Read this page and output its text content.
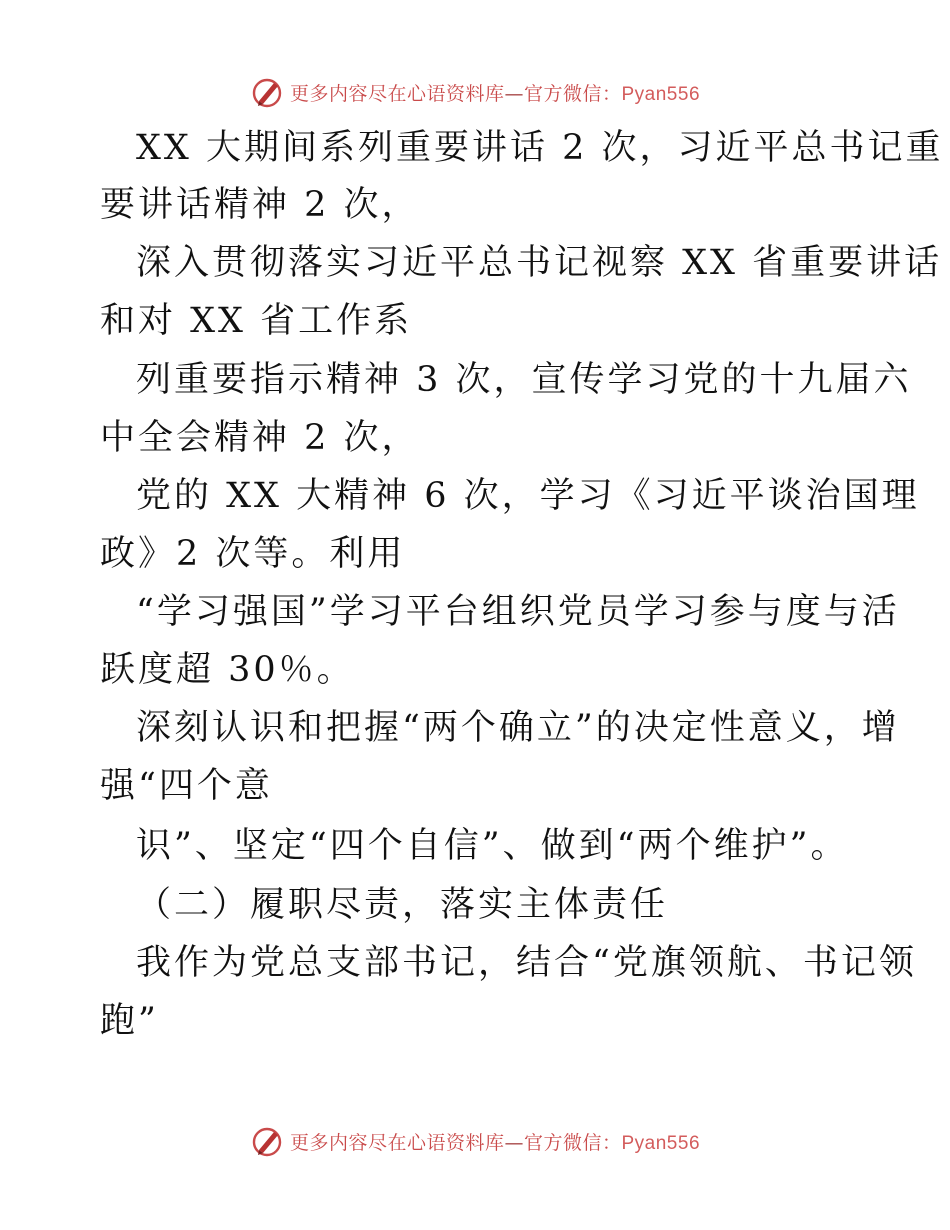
更多内容尽在心语资料库—官方微信：Pyan556
XX 大期间系列重要讲话 2 次，习近平总书记重
要讲话精神 2 次，
深入贯彻落实习近平总书记视察 XX 省重要讲话
和对 XX 省工作系
列重要指示精神 3 次，宣传学习党的十九届六
中全会精神 2 次，
党的 XX 大精神 6 次，学习《习近平谈治国理
政》2 次等。利用
“学习强国”学习平台组织党员学习参与度与活
跃度超 30％。
深刻认识和把握“两个确立”的决定性意义，增
强“四个意
识”、坚定“四个自信”、做到“两个维护”。
（二）履职尽责，落实主体责任
我作为党总支部书记，结合“党旗领航、书记领
跑”
更多内容尽在心语资料库—官方微信：Pyan556
